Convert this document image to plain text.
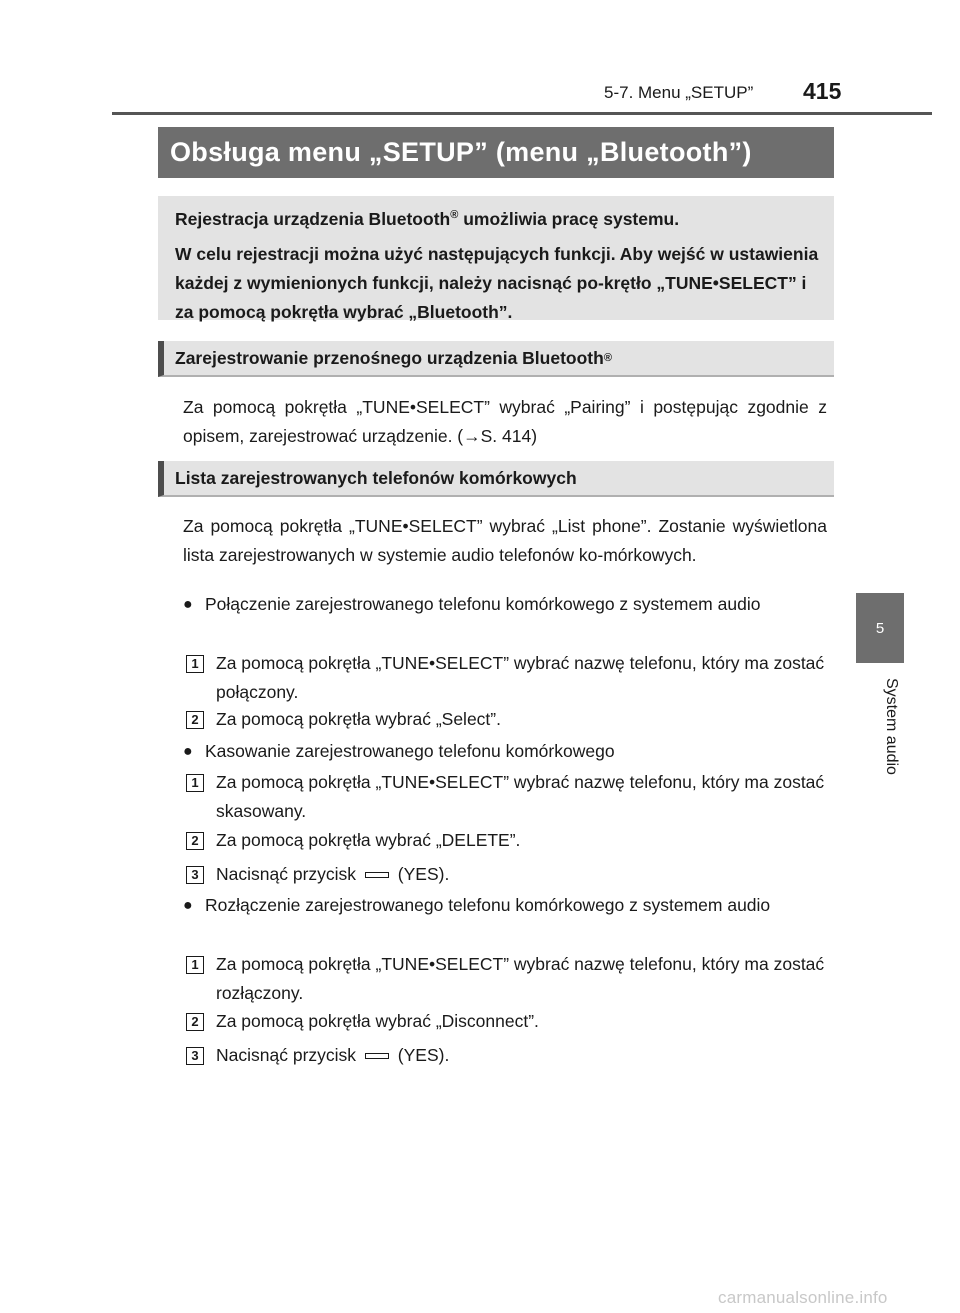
5-7. Menu „SETUP” 415
Obsługa menu „SETUP” (menu „Bluetooth”)

Rejestracja urządzenia Bluetooth® umożliwia pracę systemu.

W celu rejestracji można użyć następujących funkcji. Aby wejść w ustawienia każdej z wymienionych funkcji, należy nacisnąć po-krętło „TUNE•SELECT” i za pomocą pokrętła wybrać „Bluetooth”.

Zarejestrowanie przenośnego urządzenia Bluetooth ®
Za pomocą pokrętła „TUNE•SELECT” wybrać „Pairing” i postępując zgodnie z opisem, zarejestrować urządzenie. (→S. 414)
Lista zarejestrowanych telefonów komórkowych
Za pomocą pokrętła „TUNE•SELECT” wybrać „List phone”. Zostanie wyświetlona lista zarejestrowanych w systemie audio telefonów ko-mórkowych.
● Połączenie zarejestrowanego telefonu komórkowego z systemem audio
1 Za pomocą pokrętła „TUNE•SELECT” wybrać nazwę telefonu, który ma zostać połączony.
2 Za pomocą pokrętła wybrać „Select”.
● Kasowanie zarejestrowanego telefonu komórkowego
1 Za pomocą pokrętła „TUNE•SELECT” wybrać nazwę telefonu, który ma zostać skasowany.
2 Za pomocą pokrętła wybrać „DELETE”.
3 Nacisnąć przycisk (YES).
● Rozłączenie zarejestrowanego telefonu komórkowego z systemem audio
1 Za pomocą pokrętła „TUNE•SELECT” wybrać nazwę telefonu, który ma zostać rozłączony.
2 Za pomocą pokrętła wybrać „Disconnect”.
3 Nacisnąć przycisk (YES).
5
System audio
carmanualsonline.info
